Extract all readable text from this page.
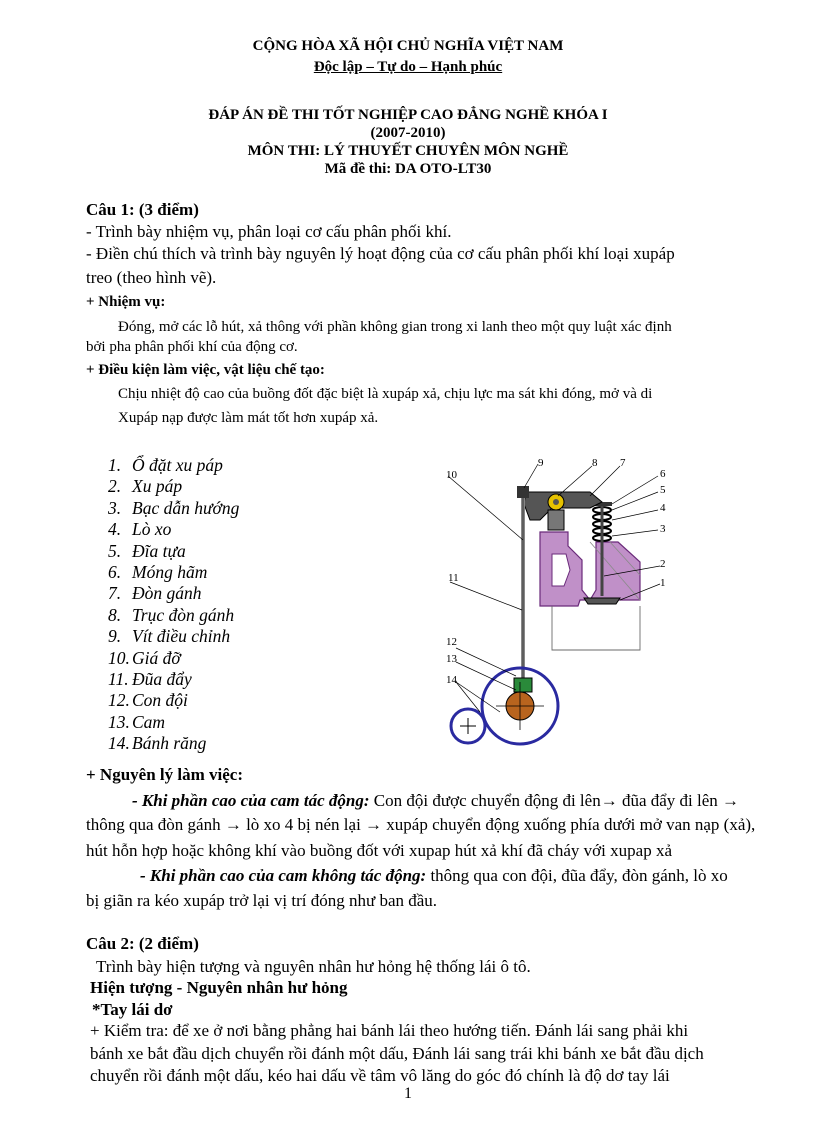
CỘNG HÒA XÃ HỘI CHỦ NGHĨA VIỆT NAM
Độc lập – Tự do – Hạnh phúc
ĐÁP ÁN ĐỀ THI TỐT NGHIỆP CAO ĐẲNG NGHỀ KHÓA I
(2007-2010)
MÔN THI: LÝ THUYẾT CHUYÊN MÔN NGHỀ
Mã đề thi: DA OTO-LT30
Câu 1: (3 điểm)
- Trình bày nhiệm vụ, phân loại cơ cấu phân phối khí.
- Điền chú thích và trình bày nguyên lý hoạt động của cơ cấu phân phối khí loại xupáp
treo (theo hình vẽ).
+ Nhiệm vụ:
Đóng, mở các lỗ hút, xả thông với phần không gian trong xi lanh theo một quy luật xác định
bởi pha phân phối khí của động cơ.
+ Điều kiện làm việc, vật liệu chế tạo:
Chịu nhiệt độ cao của buồng đốt đặc biệt là xupáp xả, chịu lực ma sát khi đóng, mở và di
Xupáp nạp được làm mát tốt hơn xupáp xả.
1. Ổ đặt xu páp
2. Xu páp
3. Bạc dẫn hướng
4. Lò xo
5. Đĩa tựa
6. Móng hãm
7. Đòn gánh
8. Trục đòn gánh
9. Vít điều chỉnh
10. Giá đỡ
11. Đũa đẩy
12. Con đội
13. Cam
14. Bánh răng
1
2
3
4
5
6
7
8
9
10
11
12
13
14
+ Nguyên lý làm việc:
- Khi phần cao của cam tác động: Con đội được chuyển động đi lên→ đũa đẩy đi lên →
thông qua đòn gánh → lò xo 4 bị nén lại → xupáp chuyển động xuống phía dưới mở van nạp (xả),
hút hỗn hợp hoặc không khí vào buồng đốt với xupap hút xả khí đã cháy với xupap xả
- Khi phần cao của cam không tác động: thông qua con đội, đũa đẩy, đòn gánh, lò xo
bị giãn ra kéo xupáp trở lại vị trí đóng như ban đầu.
Câu 2: (2 điểm)
Trình bày hiện tượng và nguyên nhân hư hỏng hệ thống lái ô tô.
Hiện tượng - Nguyên nhân hư hỏng
*Tay lái dơ
+ Kiểm tra: để xe ở nơi bằng phẳng hai bánh lái theo hướng tiến. Đánh lái sang phải khi
bánh xe bắt đầu dịch chuyển rồi đánh một dấu, Đánh lái sang trái khi bánh xe bắt đầu dịch
chuyển rồi đánh một dấu, kéo hai dấu về tâm vô lăng do góc đó chính là độ dơ tay lái
1
